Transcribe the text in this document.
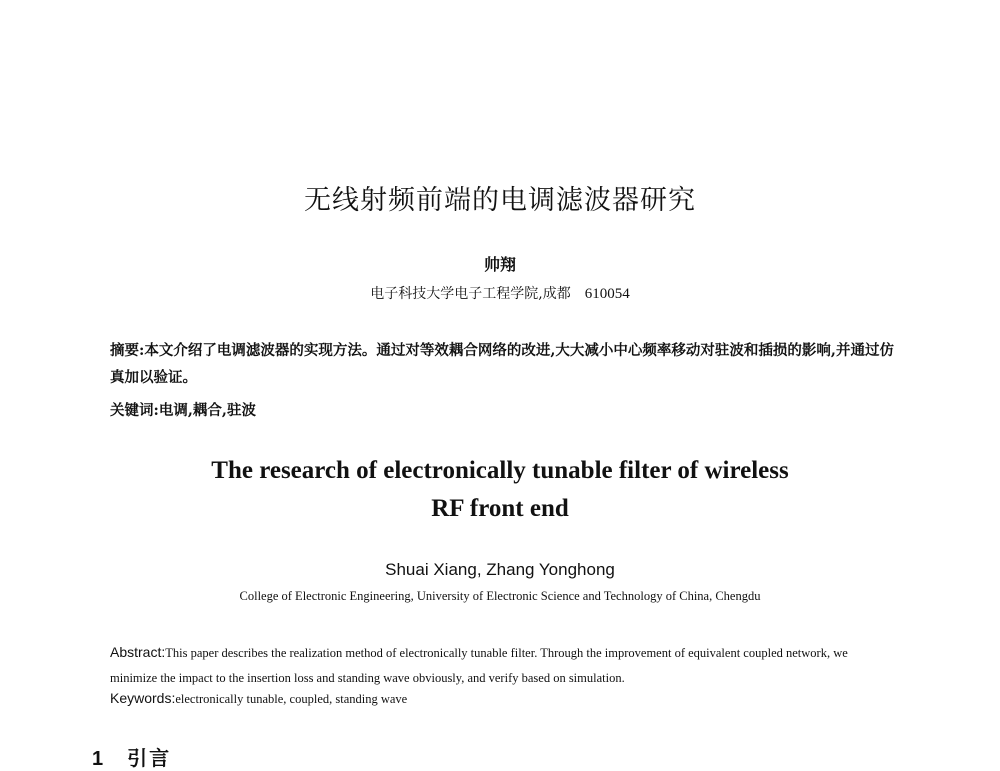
无线射频前端的电调滤波器研究
帅翔
电子科技大学电子工程学院,成都 610054
摘要:本文介绍了电调滤波器的实现方法。通过对等效耦合网络的改进,大大减小中心频率移动对驻波和插损的影响,并通过仿真加以验证。
关键词:电调,耦合,驻波
The research of electronically tunable filter of wireless
RF front end
Shuai Xiang, Zhang Yonghong
College of Electronic Engineering, University of Electronic Science and Technology of China, Chengdu
Abstract:This paper describes the realization method of electronically tunable filter. Through the improvement of equivalent coupled network, we minimize the impact to the insertion loss and standing wave obviously, and verify based on simulation.
Keywords:electronically tunable, coupled, standing wave
1 引言
